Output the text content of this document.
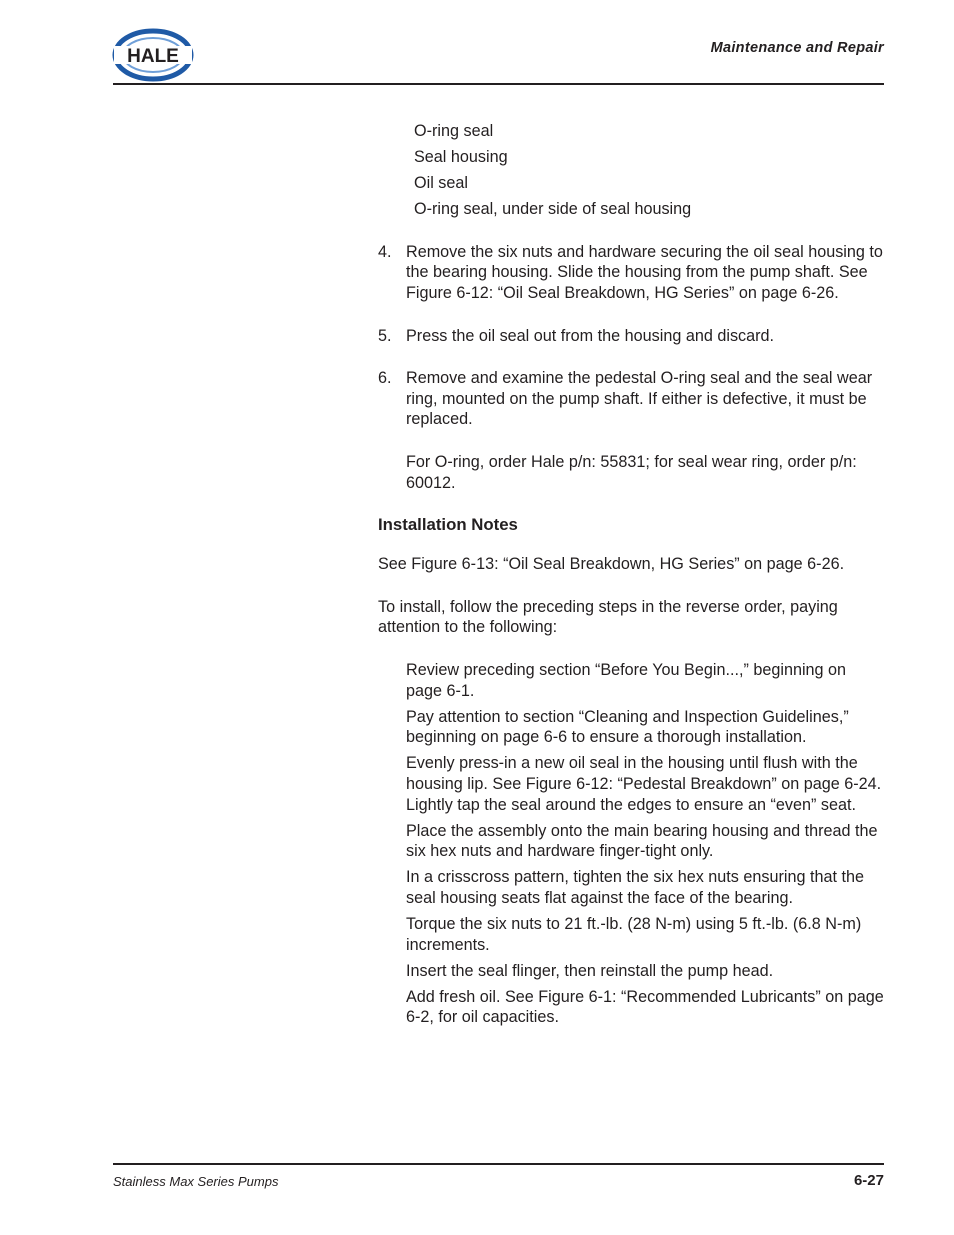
HALE	Maintenance and Repair
O-ring seal
Seal housing
Oil seal
O-ring seal, under side of seal housing
4. Remove the six nuts and hardware securing the oil seal housing to the bearing housing. Slide the housing from the pump shaft. See Figure 6-12: “Oil Seal Breakdown, HG Series” on page 6-26.

5. Press the oil seal out from the housing and discard.

6. Remove and examine the pedestal O-ring seal and the seal wear ring, mounted on the pump shaft. If either is defective, it must be replaced.

For O-ring, order Hale p/n: 55831; for seal wear ring, order p/n: 60012.

Installation Notes

See Figure 6-13: “Oil Seal Breakdown, HG Series” on page 6-26.

To install, follow the preceding steps in the reverse order, paying attention to the following:

Review preceding section “Before You Begin...,” beginning on page 6-1.
Pay attention to section “Cleaning and Inspection Guidelines,” beginning on page 6-6 to ensure a thorough installation.
Evenly press-in a new oil seal in the housing until flush with the housing lip. See Figure 6-12: “Pedestal Breakdown” on page 6-24. Lightly tap the seal around the edges to ensure an “even” seat.
Place the assembly onto the main bearing housing and thread the six hex nuts and hardware finger-tight only.
In a crisscross pattern, tighten the six hex nuts ensuring that the seal housing seats flat against the face of the bearing.
Torque the six nuts to 21 ft.-lb. (28 N-m) using 5 ft.-lb. (6.8 N-m) increments.
Insert the seal flinger, then reinstall the pump head.
Add fresh oil. See Figure 6-1: “Recommended Lubricants” on page 6-2, for oil capacities.
Stainless Max Series Pumps	6-27
